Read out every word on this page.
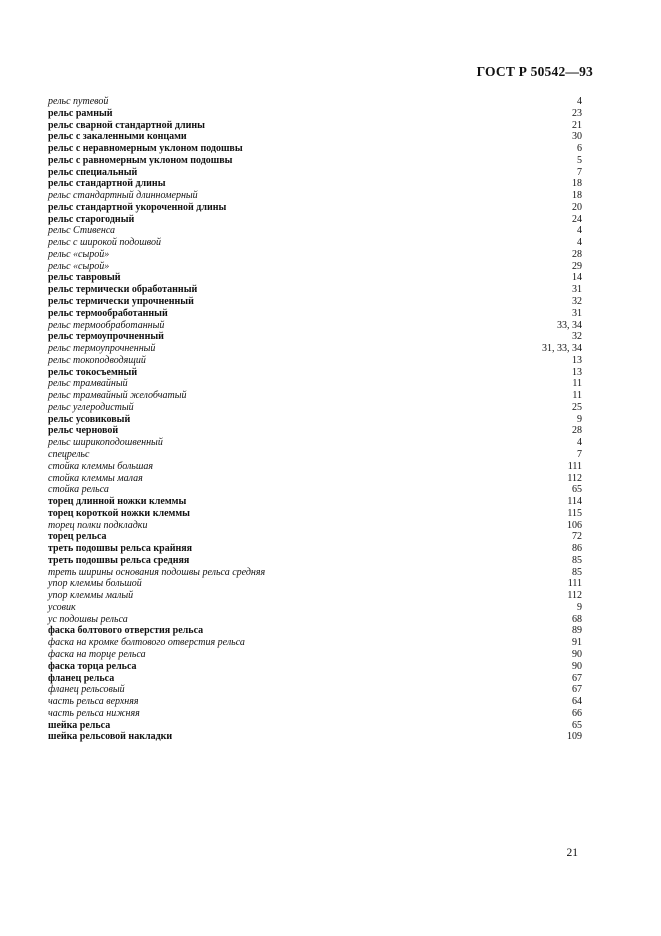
ГОСТ Р 50542—93
рельс путевой	4
рельс рамный	23
рельс сварной стандартной длины	21
рельс с закаленными концами	30
рельс с неравномерным уклоном подошвы	6
рельс с равномерным уклоном подошвы	5
рельс специальный	7
рельс стандартной длины	18
рельс стандартный длинномерный	18
рельс стандартной укороченной длины	20
рельс старогодный	24
рельс Стивенса	4
рельс с широкой подошвой	4
рельс «сырой»	28
рельс «сырой»	29
рельс тавровый	14
рельс термически обработанный	31
рельс термически упрочненный	32
рельс термообработанный	31
рельс термообработанный	33, 34
рельс термоупрочненный	32
рельс термоупрочненный	31, 33, 34
рельс токоподводящий	13
рельс токосъемный	13
рельс трамвайный	11
рельс трамвайный желобчатый	11
рельс углеродистый	25
рельс усовиковый	9
рельс черновой	28
рельс ширикоподошвенный	4
спецрельс	7
стойка клеммы большая	111
стойка клеммы малая	112
стойка рельса	65
торец длинной ножки клеммы	114
торец короткой ножки клеммы	115
торец полки подкладки	106
торец рельса	72
треть подошвы рельса крайняя	86
треть подошвы рельса средняя	85
треть ширины основания подошвы рельса средняя	85
упор клеммы большой	111
упор клеммы малый	112
усовик	9
ус подошвы рельса	68
фаска болтового отверстия рельса	89
фаска на кромке болтового отверстия рельса	91
фаска на торце рельса	90
фаска торца рельса	90
фланец рельса	67
фланец рельсовый	67
часть рельса верхняя	64
часть рельса нижняя	66
шейка рельса	65
шейка рельсовой накладки	109
21
